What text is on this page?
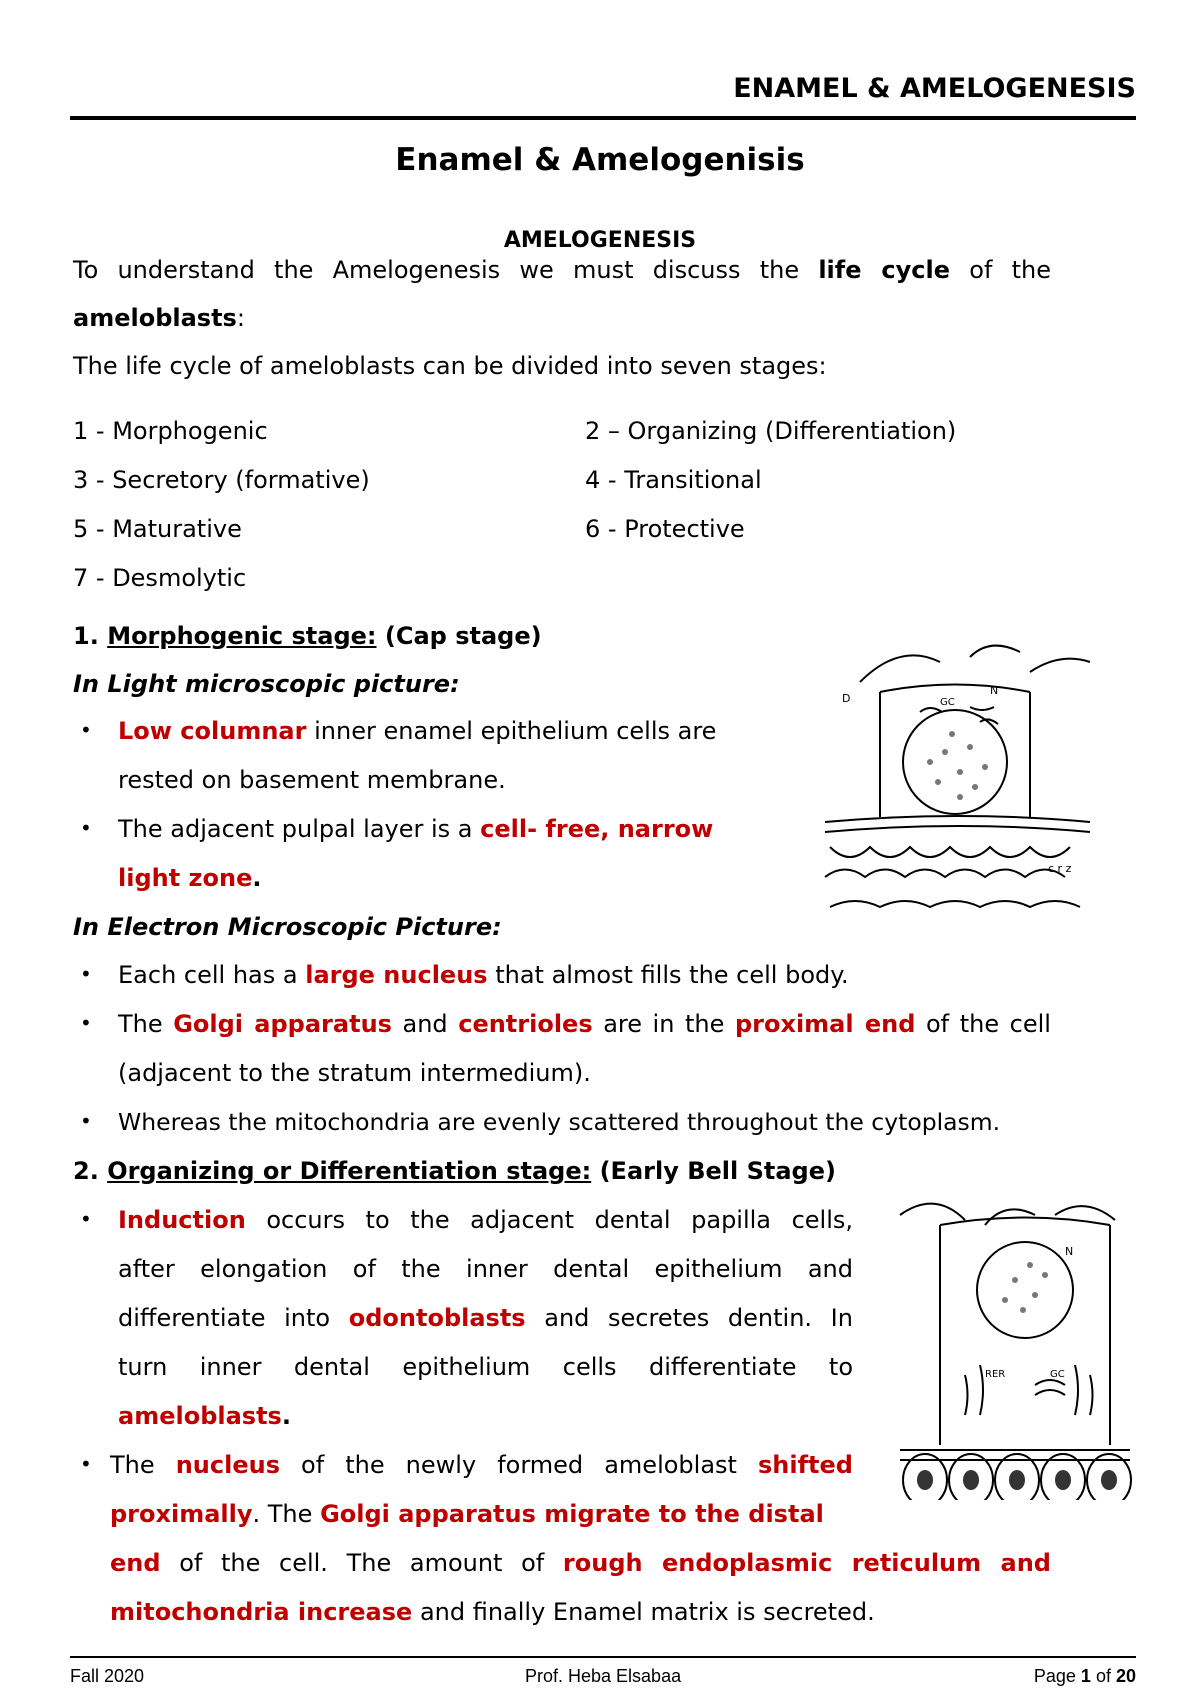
ENAMEL & AMELOGENESIS
Enamel & Amelogenisis
AMELOGENESIS
To understand the Amelogenesis we must discuss the life cycle of the
ameloblasts:
The life cycle of ameloblasts can be divided into seven stages:
1 - Morphogenic	2 – Organizing (Differentiation)
3 - Secretory (formative)	4 - Transitional
5 - Maturative	6 - Protective
7 - Desmolytic
1. Morphogenic stage: (Cap stage)
In Light microscopic picture:
• Low columnar inner enamel epithelium cells are
rested on basement membrane.
• The adjacent pulpal layer is a cell- free, narrow
light zone.
In Electron Microscopic Picture:
• Each cell has a large nucleus that almost fills the cell body.
• The Golgi apparatus and centrioles are in the proximal end of the cell
(adjacent to the stratum intermedium).
• Whereas the mitochondria are evenly scattered throughout the cytoplasm.
2. Organizing or Differentiation stage: (Early Bell Stage)
• Induction occurs to the adjacent dental papilla cells,
after elongation of the inner dental epithelium and
differentiate into odontoblasts and secretes dentin. In
turn inner dental epithelium cells differentiate to
ameloblasts.
• The nucleus of the newly formed ameloblast shifted
proximally. The Golgi apparatus migrate to the distal
end of the cell. The amount of rough endoplasmic reticulum and
mitochondria increase and finally Enamel matrix is secreted.
D
N
GC
c r z
N
RER	GC
Fall 2020	Prof. Heba Elsabaa	Page 1 of 20
